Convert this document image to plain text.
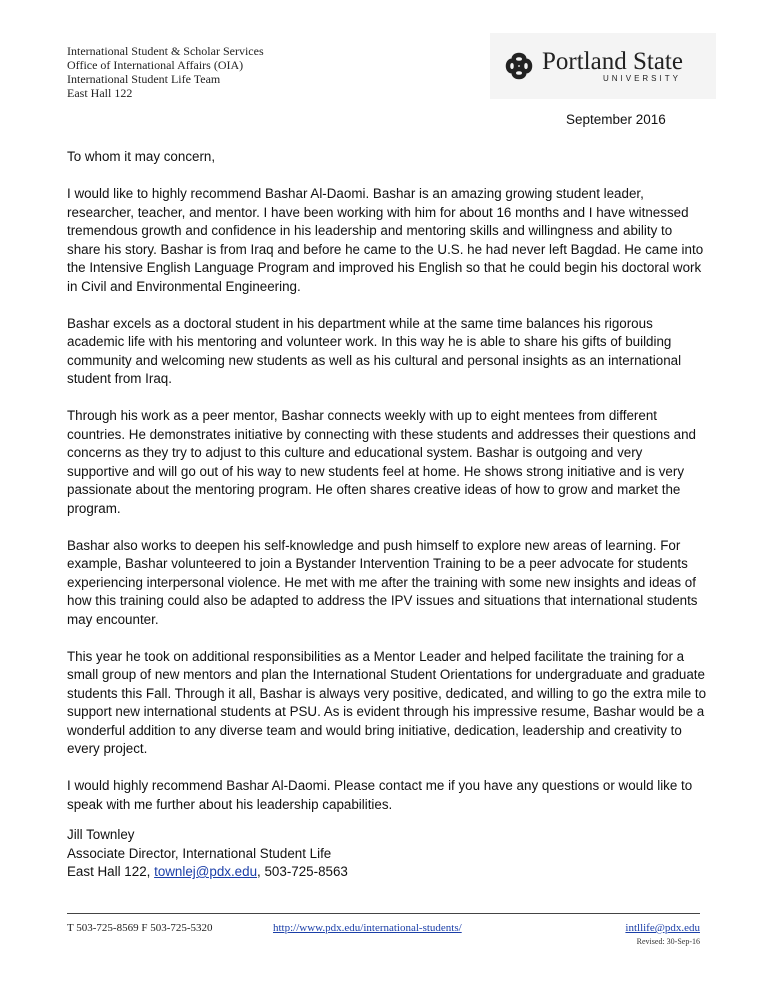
International Student & Scholar Services
Office of International Affairs (OIA)
International Student Life Team
East Hall 122
Portland State
UNIVERSITY
September 2016

To whom it may concern,

I would like to highly recommend Bashar Al-Daomi. Bashar is an amazing growing student leader, researcher, teacher, and mentor. I have been working with him for about 16 months and I have witnessed tremendous growth and confidence in his leadership and mentoring skills and willingness and ability to share his story. Bashar is from Iraq and before he came to the U.S. he had never left Bagdad. He came into the Intensive English Language Program and improved his English so that he could begin his doctoral work in Civil and Environmental Engineering.

Bashar excels as a doctoral student in his department while at the same time balances his rigorous academic life with his mentoring and volunteer work. In this way he is able to share his gifts of building community and welcoming new students as well as his cultural and personal insights as an international student from Iraq.

Through his work as a peer mentor, Bashar connects weekly with up to eight mentees from different countries. He demonstrates initiative by connecting with these students and addresses their questions and concerns as they try to adjust to this culture and educational system. Bashar is outgoing and very supportive and will go out of his way to new students feel at home. He shows strong initiative and is very passionate about the mentoring program. He often shares creative ideas of how to grow and market the program.

Bashar also works to deepen his self-knowledge and push himself to explore new areas of learning. For example, Bashar volunteered to join a Bystander Intervention Training to be a peer advocate for students experiencing interpersonal violence. He met with me after the training with some new insights and ideas of how this training could also be adapted to address the IPV issues and situations that international students may encounter.

This year he took on additional responsibilities as a Mentor Leader and helped facilitate the training for a small group of new mentors and plan the International Student Orientations for undergraduate and graduate students this Fall. Through it all, Bashar is always very positive, dedicated, and willing to go the extra mile to support new international students at PSU. As is evident through his impressive resume, Bashar would be a wonderful addition to any diverse team and would bring initiative, dedication, leadership and creativity to every project.

I would highly recommend Bashar Al-Daomi. Please contact me if you have any questions or would like to speak with me further about his leadership capabilities.

Jill Townley
Associate Director, International Student Life
East Hall 122, townlej@pdx.edu, 503-725-8563
T 503-725-8569 F 503-725-5320	http://www.pdx.edu/international-students/	intllife@pdx.edu
Revised: 30-Sep-16
